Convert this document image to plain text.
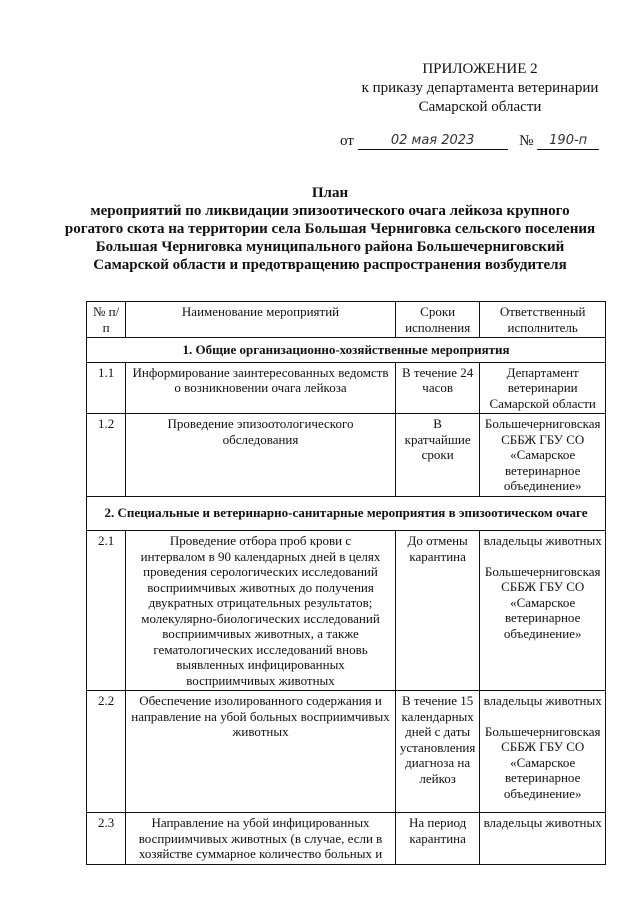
ПРИЛОЖЕНИЕ 2
к приказу департамента ветеринарии
Самарской области
от	02 мая 2023	№ 190-п
План
мероприятий по ликвидации эпизоотического очага лейкоза крупного рогатого скота на территории села Большая Черниговка сельского поселения Большая Черниговка муниципального района Большечерниговский Самарской области и предотвращению распространения возбудителя
№ п/п	Наименование мероприятий	Сроки исполнения	Ответственный исполнитель
1. Общие организационно-хозяйственные мероприятия			
1.1	Информирование заинтересованных ведомств о возникновении очага лейкоза	В течение 24 часов	Департамент ветеринарии Самарской области
1.2	Проведение эпизоотологического обследования	В кратчайшие сроки	Большечерниговская СББЖ ГБУ СО «Самарское ветеринарное объединение»
2. Специальные и ветеринарно-санитарные мероприятия в эпизоотическом очаге			
2.1	Проведение отбора проб крови с интервалом в 90 календарных дней в целях проведения серологических исследований восприимчивых животных до получения двукратных отрицательных результатов; молекулярно-биологических исследований восприимчивых животных, а также гематологических исследований вновь выявленных инфицированных восприимчивых животных	До отмены карантина	владельцы животных
Большечерниговская СББЖ ГБУ СО «Самарское ветеринарное объединение»
2.2	Обеспечение изолированного содержания и направление на убой больных восприимчивых животных	В течение 15 календарных дней с даты установления диагноза на лейкоз	владельцы животных
Большечерниговская СББЖ ГБУ СО «Самарское ветеринарное объединение»
2.3	Направление на убой инфицированных восприимчивых животных (в случае, если в хозяйстве суммарное количество больных и	На период карантина	владельцы животных
